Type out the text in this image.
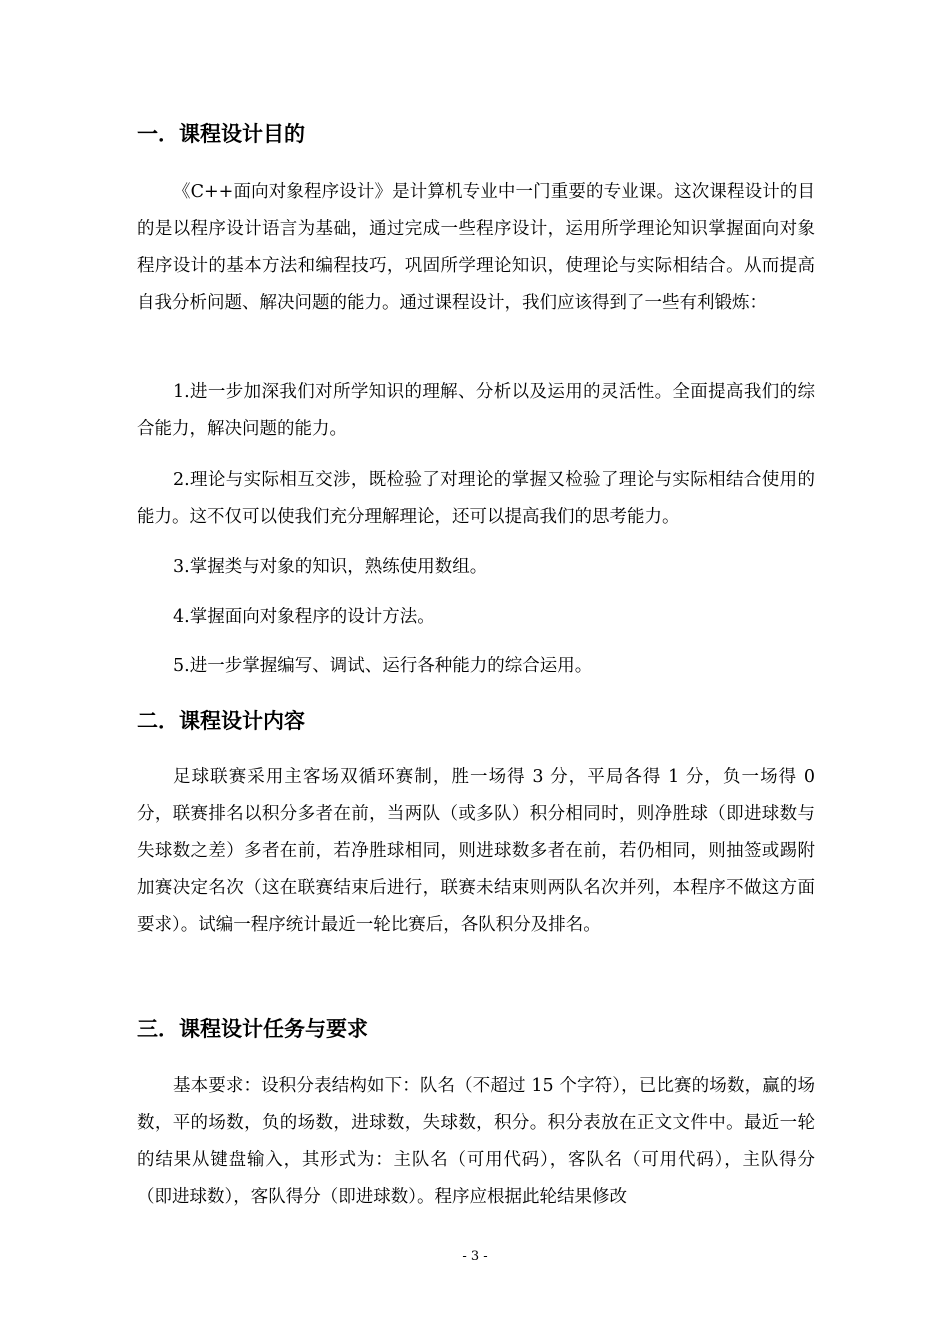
一．课程设计目的
《C++面向对象程序设计》是计算机专业中一门重要的专业课。这次课程设计的目的是以程序设计语言为基础，通过完成一些程序设计，运用所学理论知识掌握面向对象程序设计的基本方法和编程技巧，巩固所学理论知识，使理论与实际相结合。从而提高自我分析问题、解决问题的能力。通过课程设计，我们应该得到了一些有利锻炼：
1.进一步加深我们对所学知识的理解、分析以及运用的灵活性。全面提高我们的综合能力，解决问题的能力。
2.理论与实际相互交涉，既检验了对理论的掌握又检验了理论与实际相结合使用的能力。这不仅可以使我们充分理解理论，还可以提高我们的思考能力。
3.掌握类与对象的知识，熟练使用数组。
4.掌握面向对象程序的设计方法。
5.进一步掌握编写、调试、运行各种能力的综合运用。
二．课程设计内容
足球联赛采用主客场双循环赛制，胜一场得 3 分，平局各得 1 分，负一场得 0 分，联赛排名以积分多者在前，当两队（或多队）积分相同时，则净胜球（即进球数与失球数之差）多者在前，若净胜球相同，则进球数多者在前，若仍相同，则抽签或踢附加赛决定名次（这在联赛结束后进行，联赛未结束则两队名次并列，本程序不做这方面要求）。试编一程序统计最近一轮比赛后，各队积分及排名。
三．课程设计任务与要求
基本要求：设积分表结构如下：队名（不超过 15 个字符），已比赛的场数，赢的场数，平的场数，负的场数，进球数，失球数，积分。积分表放在正文文件中。最近一轮的结果从键盘输入，其形式为：主队名（可用代码），客队名（可用代码），主队得分（即进球数），客队得分（即进球数）。程序应根据此轮结果修改
- 3 -
